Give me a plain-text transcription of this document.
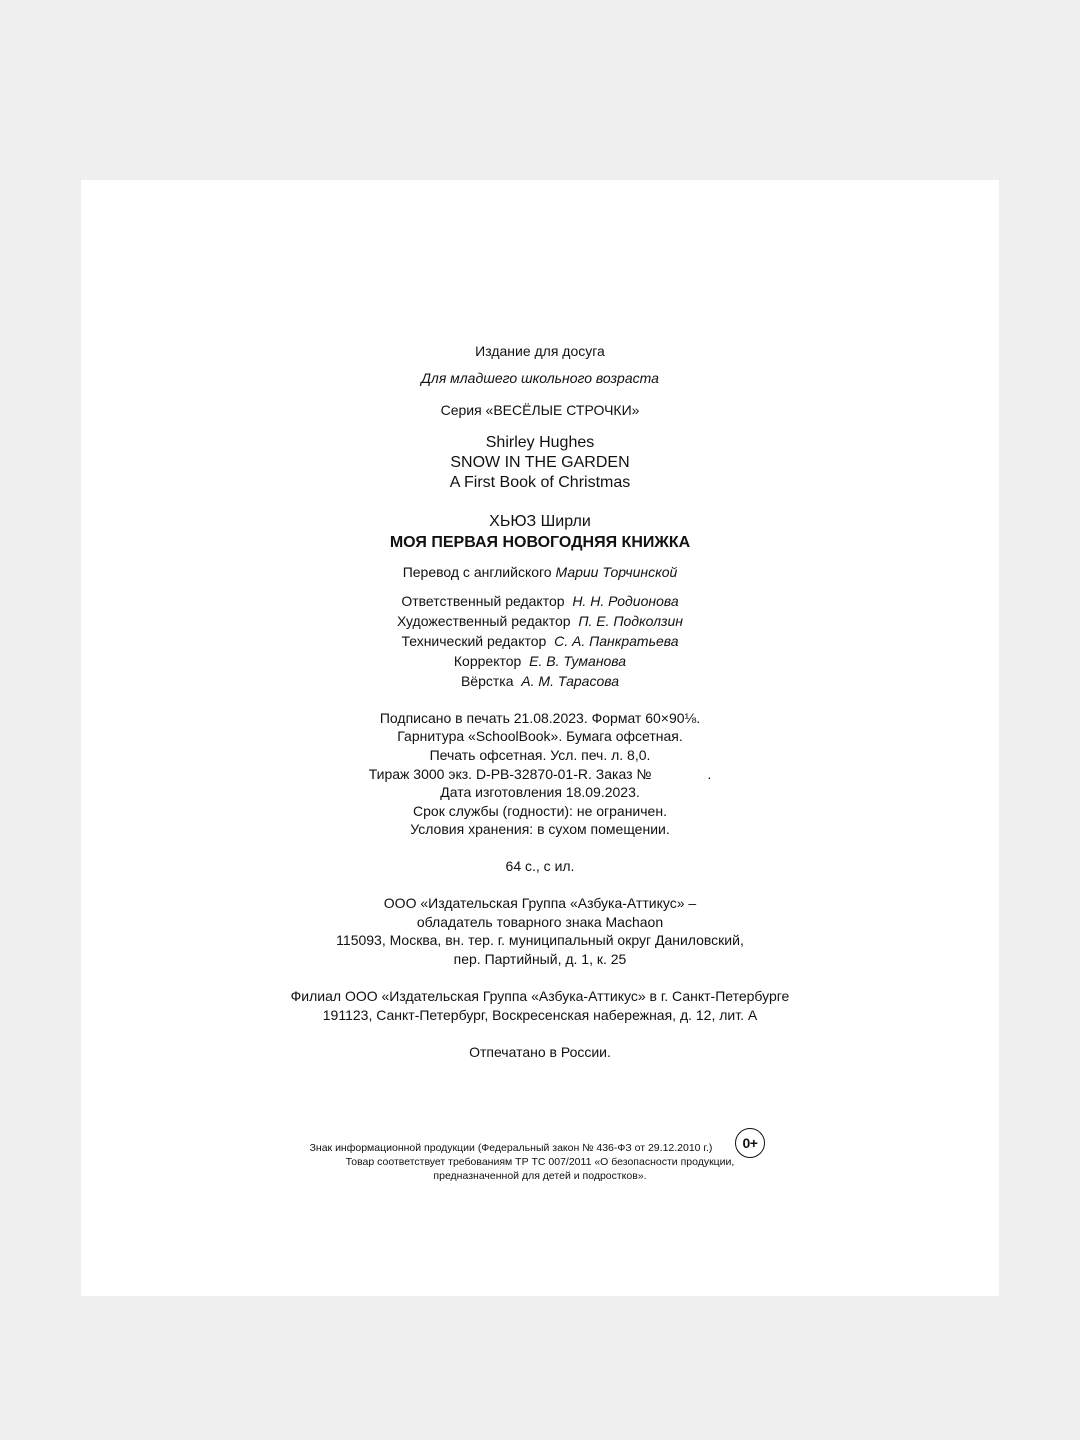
Издание для досуга
Для младшего школьного возраста
Серия «ВЕСЁЛЫЕ СТРОЧКИ»
Shirley Hughes
SNOW IN THE GARDEN
A First Book of Christmas
ХЬЮЗ Ширли
МОЯ ПЕРВАЯ НОВОГОДНЯЯ КНИЖКА
Перевод с английского Марии Торчинской
Ответственный редактор Н. Н. Родионова
Художественный редактор П. Е. Подколзин
Технический редактор С. А. Панкратьева
Корректор Е. В. Туманова
Вёрстка А. М. Тарасова
Подписано в печать 21.08.2023. Формат 60×90⅛.
Гарнитура «SchoolBook». Бумага офсетная.
Печать офсетная. Усл. печ. л. 8,0.
Тираж 3000 экз. D-PB-32870-01-R. Заказ №	.
Дата изготовления 18.09.2023.
Срок службы (годности): не ограничен.
Условия хранения: в сухом помещении.
64 с., с ил.
ООО «Издательская Группа «Азбука-Аттикус» –
обладатель товарного знака Machaon
115093, Москва, вн. тер. г. муниципальный округ Даниловский,
пер. Партийный, д. 1, к. 25
Филиал ООО «Издательская Группа «Азбука-Аттикус» в г. Санкт-Петербурге
191123, Санкт-Петербург, Воскресенская набережная, д. 12, лит. А
Отпечатано в России.
Знак информационной продукции (Федеральный закон № 436-ФЗ от 29.12.2010 г.)
Товар соответствует требованиям ТР ТС 007/2011 «О безопасности продукции,
предназначенной для детей и подростков».
0+
